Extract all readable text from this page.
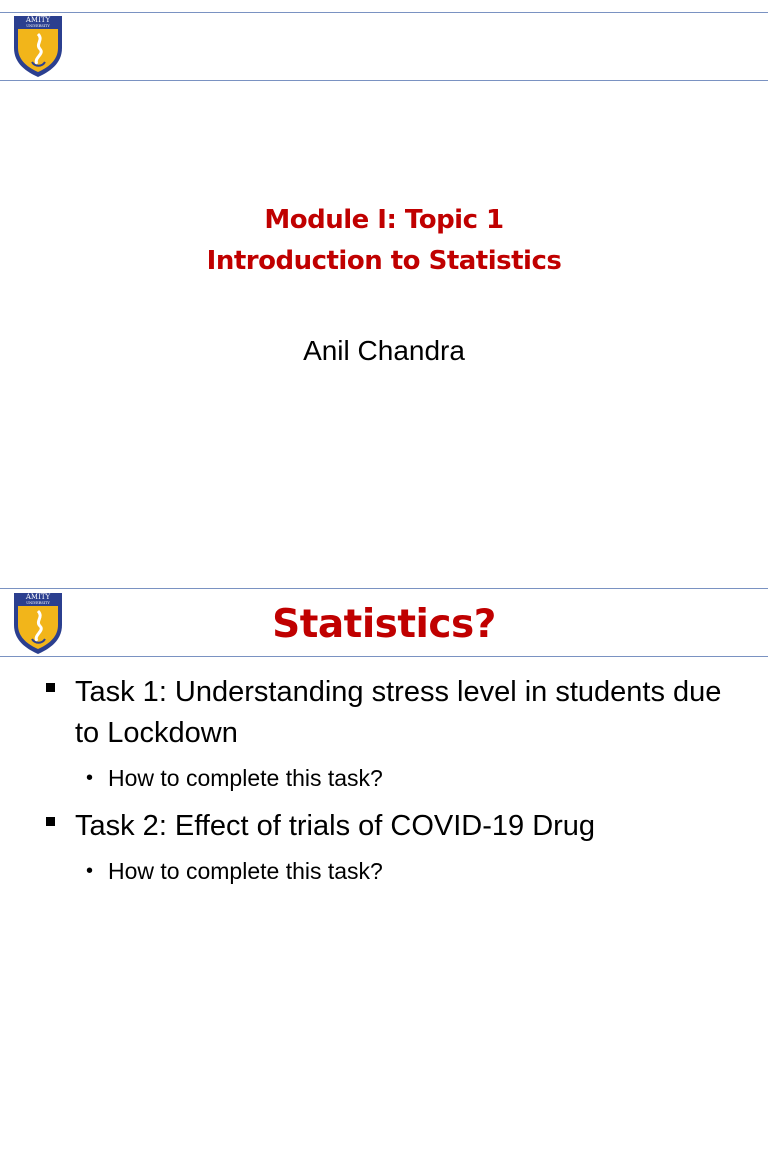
AMITY
UNIVERSITY
Module I: Topic 1
Introduction to Statistics
Anil Chandra
AMITY
UNIVERSITY	Statistics?
Task 1: Understanding stress level in students due to Lockdown
• How to complete this task?
Task 2: Effect of trials of COVID-19 Drug
• How to complete this task?
